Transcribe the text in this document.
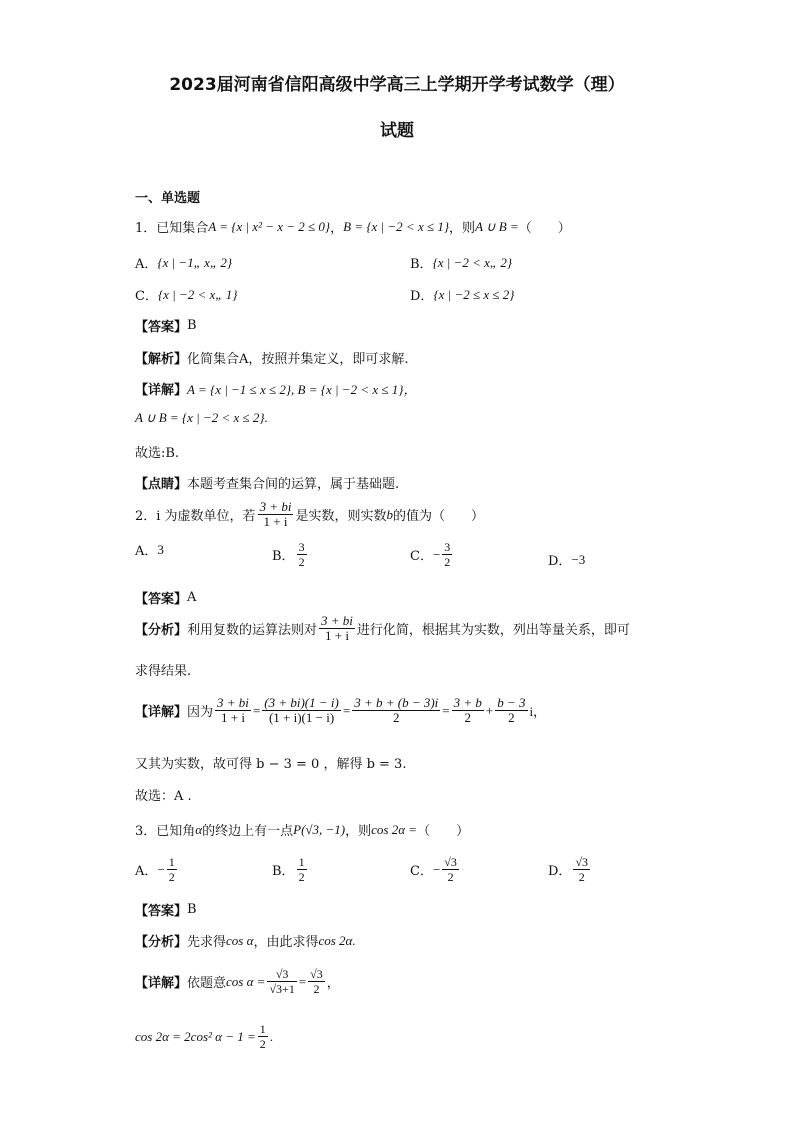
2023届河南省信阳高级中学高三上学期开学考试数学（理）
试题
一、单选题
1．已知集合 A = {x | x² − x − 2 ≤ 0} ， B = {x | −2 < x ≤ 1} ，则 A ∪ B = （　　）
A． {x | −1„ x„ 2}	B． {x | −2 < x„ 2}
C． {x | −2 < x„ 1}	D． {x | −2 ≤ x ≤ 2}
【答案】 B
【解析】 化简集合A，按照并集定义，即可求解.
【详解】 A = {x | −1 ≤ x ≤ 2}, B = {x | −2 < x ≤ 1}，
A ∪ B = {x | −2 < x ≤ 2}.
故选:B.
【点睛】 本题考查集合间的运算，属于基础题.
2．i 为虚数单位，若 $\frac{3 + bi}{1 + i}$ 是实数，则实数 b 的值为（　　）
A． 3	B． $\frac{3}{2}$	C． − $\frac{3}{2}$	D． −3
【答案】 A
【分析】 利用复数的运算法则对 $\frac{3 + bi}{1 + i}$ 进行化简，根据其为实数，列出等量关系，即可
求得结果.
【详解】 因为 $\frac{3 + bi}{1 + i} = \frac{(3 + bi)(1 - i)}{(1 + i)(1 - i)} = \frac{3 + b + (b - 3)i}{2} = \frac{3 + b}{2} + \frac{b - 3}{2}$ i，
又其为实数，故可得 b − 3 = 0 ，解得 b = 3.
故选：A .
3．已知角 α 的终边上有一点 P(√3, −1) ，则 cos 2α = （　　）
A． − $\frac{1}{2}$	B． $\frac{1}{2}$	C． − $\frac{√3}{2}$	D． $\frac{√3}{2}$
【答案】 B
【分析】 先求得 cos α ，由此求得 cos 2α.
【详解】 依题意 $\cos \alpha = \frac{√3}{√3+1} = \frac{√3}{2}$ ，
cos 2α = 2cos² $\alpha - 1 = \frac{1}{2}$ .
